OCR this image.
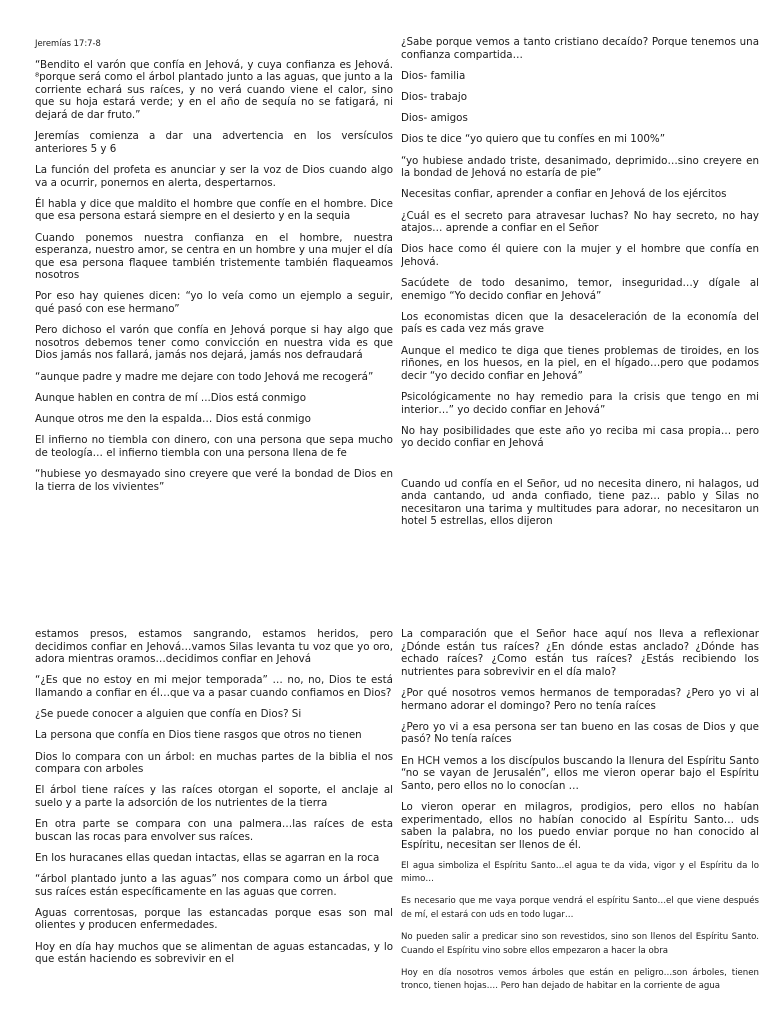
Jeremías 17:7-8

“Bendito el varón que confía en Jehová, y cuya confianza es Jehová. ⁸porque será como el árbol plantado junto a las aguas, que junto a la corriente echará sus raíces, y no verá cuando viene el calor, sino que su hoja estará verde; y en el año de sequía no se fatigará, ni dejará de dar fruto.”

Jeremías comienza a dar una advertencia en los versículos anteriores 5 y 6

La función del profeta es anunciar y ser la voz de Dios cuando algo va a ocurrir, ponernos en alerta, despertarnos.

Él habla y dice que maldito el hombre que confíe en el hombre. Dice que esa persona estará siempre en el desierto y en la sequia

Cuando ponemos nuestra confianza en el hombre, nuestra esperanza, nuestro amor, se centra en un hombre y una mujer el día que esa persona flaquee también tristemente también flaqueamos nosotros

Por eso hay quienes dicen: “yo lo veía como un ejemplo a seguir, qué pasó con ese hermano”

Pero dichoso el varón que confía en Jehová porque si hay algo que nosotros debemos tener como convicción en nuestra vida es que Dios jamás nos fallará, jamás nos dejará, jamás nos defraudará

“aunque padre y madre me dejare con todo Jehová me recogerá”

Aunque hablen en contra de mí ...Dios está conmigo

Aunque otros me den la espalda… Dios está conmigo

El infierno no tiembla con dinero, con una persona que sepa mucho de teología… el infierno tiembla con una persona llena de fe

“hubiese yo desmayado sino creyere que veré la bondad de Dios en la tierra de los vivientes”

¿Sabe porque vemos a tanto cristiano decaído? Porque tenemos una confianza compartida…

Dios- familia

Dios- trabajo

Dios- amigos

Dios te dice “yo quiero que tu confíes en mi 100%”

“yo hubiese andado triste, desanimado, deprimido…sino creyere en la bondad de Jehová no estaría de pie”

Necesitas confiar, aprender a confiar en Jehová de los ejércitos

¿Cuál es el secreto para atravesar luchas? No hay secreto, no hay atajos… aprende a confiar en el Señor

Dios hace como él quiere con la mujer y el hombre que confía en Jehová.

Sacúdete de todo desanimo, temor, inseguridad…y dígale al enemigo “Yo decido confiar en Jehová”

Los economistas dicen que la desaceleración de la economía del país es cada vez más grave

Aunque el medico te diga que tienes problemas de tiroides, en los riñones, en los huesos, en la piel, en el hígado…pero que podamos decir “yo decido confiar en Jehová”

Psicológicamente no hay remedio para la crisis que tengo en mi interior…” yo decido confiar en Jehová”

No hay posibilidades que este año yo reciba mi casa propia… pero yo decido confiar en Jehová

Cuando ud confía en el Señor, ud no necesita dinero, ni halagos, ud anda cantando, ud anda confiado, tiene paz… pablo y Silas no necesitaron una tarima y multitudes para adorar, no necesitaron un hotel 5 estrellas, ellos dijeron

estamos presos, estamos sangrando, estamos heridos, pero decidimos confiar en Jehová…vamos Silas levanta tu voz que yo oro, adora mientras oramos…decidimos confiar en Jehová

“¿Es que no estoy en mi mejor temporada” … no, no, Dios te está llamando a confiar en él…que va a pasar cuando confiamos en Dios?

¿Se puede conocer a alguien que confía en Dios? Si

La persona que confía en Dios tiene rasgos que otros no tienen

Dios lo compara con un árbol: en muchas partes de la biblia el nos compara con arboles

El árbol tiene raíces y las raíces otorgan el soporte, el anclaje al suelo y a parte la adsorción de los nutrientes de la tierra

En otra parte se compara con una palmera…las raíces de esta buscan las rocas para envolver sus raíces.

En los huracanes ellas quedan intactas, ellas se agarran en la roca

“árbol plantado junto a las aguas” nos compara como un árbol que sus raíces están específicamente en las aguas que corren.

Aguas correntosas, porque las estancadas porque esas son mal olientes y producen enfermedades.

Hoy en día hay muchos que se alimentan de aguas estancadas, y lo que están haciendo es sobrevivir en el

La comparación que el Señor hace aquí nos lleva a reflexionar ¿Dónde están tus raíces? ¿En dónde estas anclado? ¿Dónde has echado raíces? ¿Como están tus raíces? ¿Estás recibiendo los nutrientes para sobrevivir en el día malo?

¿Por qué nosotros vemos hermanos de temporadas? ¿Pero yo vi al hermano adorar el domingo? Pero no tenía raíces

¿Pero yo vi a esa persona ser tan bueno en las cosas de Dios y que pasó? No tenía raíces

En HCH vemos a los discípulos buscando la llenura del Espíritu Santo “no se vayan de Jerusalén”, ellos me vieron operar bajo el Espíritu Santo, pero ellos no lo conocían …

Lo vieron operar en milagros, prodigios, pero ellos no habían experimentado, ellos no habían conocido al Espíritu Santo… uds saben la palabra, no los puedo enviar porque no han conocido al Espíritu, necesitan ser llenos de él.

El agua simboliza el Espíritu Santo…el agua te da vida, vigor y el Espíritu da lo mimo…

Es necesario que me vaya porque vendrá el espíritu Santo…el que viene después de mí, el estará con uds en todo lugar…

No pueden salir a predicar sino son revestidos, sino son llenos del Espíritu Santo. Cuando el Espíritu vino sobre ellos empezaron a hacer la obra

Hoy en día nosotros vemos árboles que están en peligro…son árboles, tienen tronco, tienen hojas…. Pero han dejado de habitar en la corriente de agua
